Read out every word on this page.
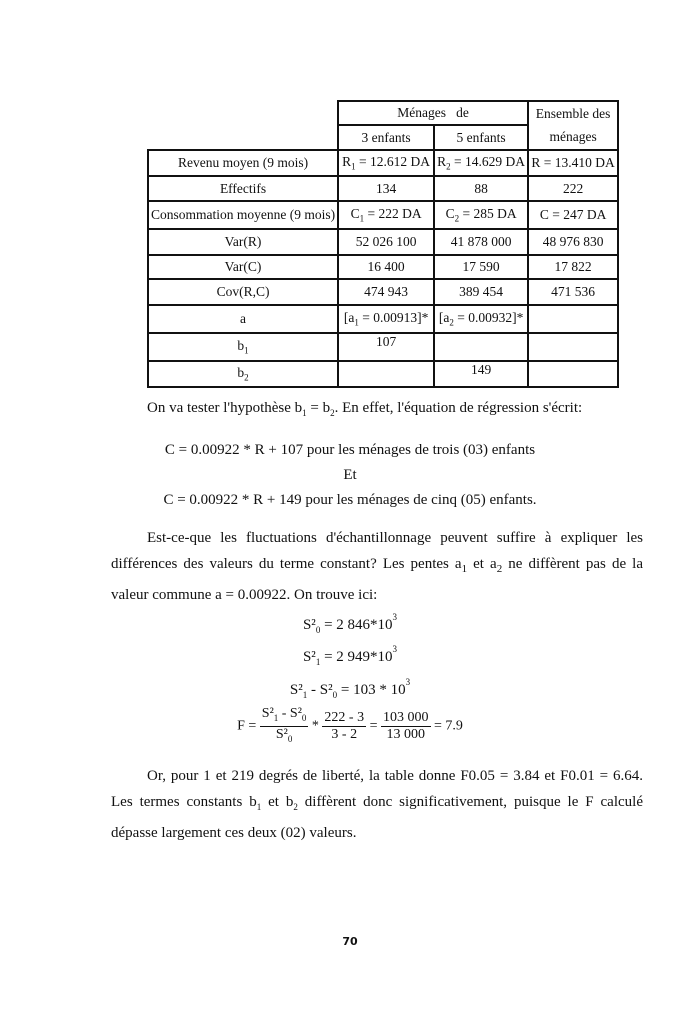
	Ménages   de		Ensemble des
	3 enfants	5 enfants	ménages
Revenu moyen (9 mois)	$R_1 = 12.612$ DA	$R_2 = 14.629$ DA	R = 13.410 DA
Effectifs	134	88	222
Consommation moyenne (9 mois)	$C_1 = 222$ DA	$C_2 = 285$ DA	C = 247 DA
Var(R)	52 026 100	41 878 000	48 976 830
Var(C)	16 400	17 590	17 822
Cov(R,C)	474 943	389 454	471 536
a	$[a_1 = 0.00913]*$	$[a_2 = 0.00932]*$	
$b_1$	107		
$b_2$		149	
On va tester l'hypothèse $b_1 = b_2$. En effet, l'équation de régression s'écrit:
C = 0.00922 * R + 107 pour les ménages de trois (03) enfants
Et
C = 0.00922 * R + 149 pour les ménages de cinq (05) enfants.
Est-ce-que les fluctuations d'échantillonnage peuvent suffire à expliquer les différences des valeurs du terme constant? Les pentes $a_1$ et $a_2$ ne diffèrent pas de la valeur commune a = 0.00922. On trouve ici:
$S^2_0 = 2$ $846*10^3$
$S^2_1 = 2$ $949*10^3$
$S^2_1 - S^2_0 = 103 * 10^3$
$F = \frac{S^2_1 - S^2_0}{S^2_0} * \frac{222 - 3}{3 - 2} = \frac{103 000}{13 000} = 7.9$
Or, pour 1 et 219 degrés de liberté, la table donne F0.05 = 3.84 et F0.01 = 6.64. Les termes constants $b_1$ et $b_2$ diffèrent donc significativement, puisque le F calculé dépasse largement ces deux (02) valeurs.
70
